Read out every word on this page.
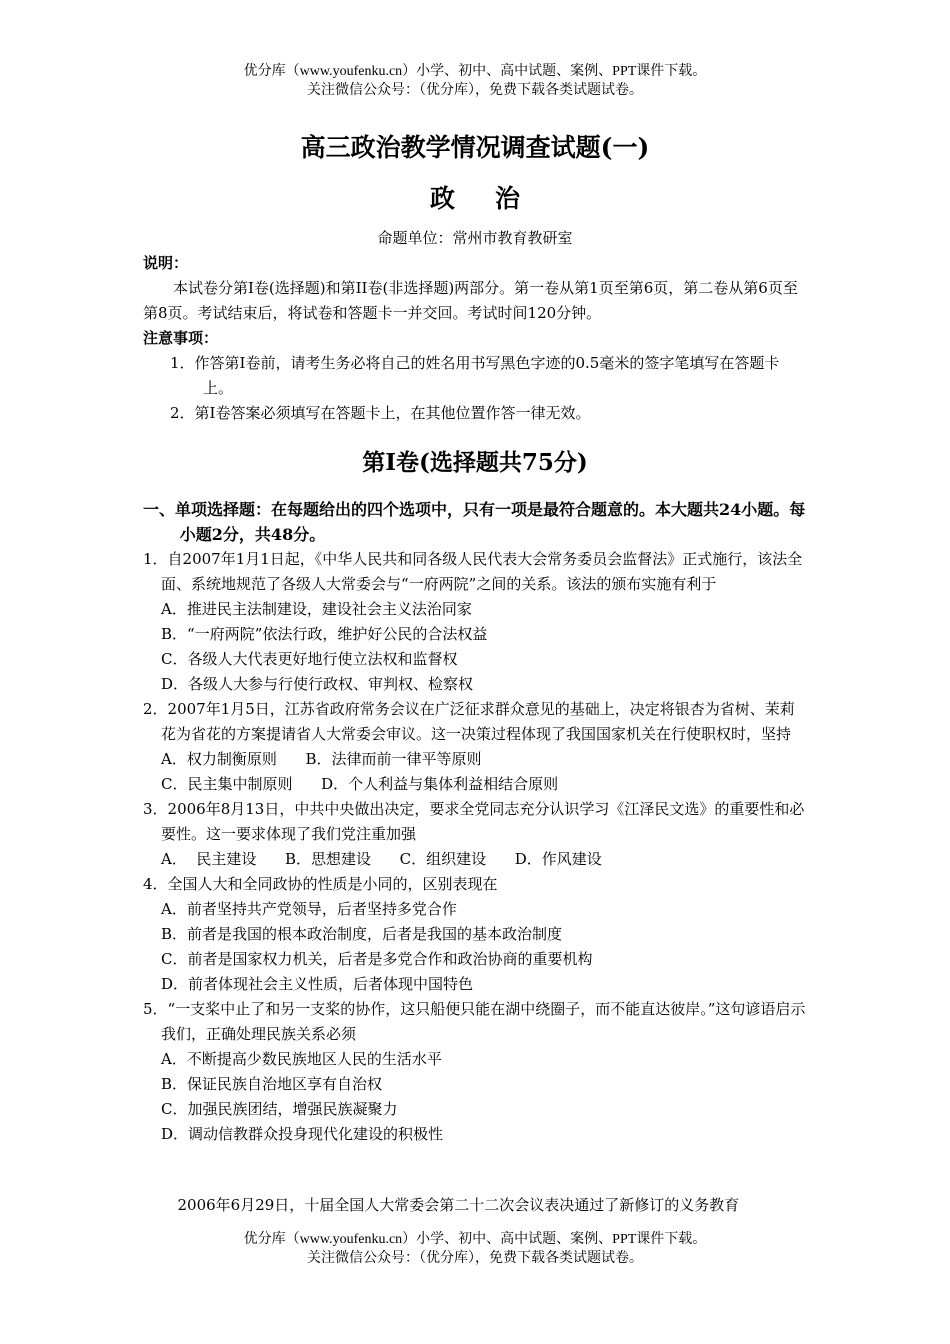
优分库（www.youfenku.cn）小学、初中、高中试题、案例、PPT课件下载。
关注微信公众号：（优分库），免费下载各类试题试卷。
高三政治教学情况调查试题(一)
政治
命题单位：常州市教育教研室
说明：
本试卷分第Ⅰ卷(选择题)和第II卷(非选择题)两部分。第一卷从第1页至第6页，第二卷从第6页至第8页。考试结束后，将试卷和答题卡一并交回。考试时间120分钟。
注意事项：
1．作答第Ⅰ卷前，请考生务必将自己的姓名用书写黑色字迹的0.5毫米的签字笔填写在答题卡上。
2．第Ⅰ卷答案必须填写在答题卡上，在其他位置作答一律无效。
第Ⅰ卷(选择题共75分)
一、单项选择题：在每题给出的四个选项中，只有一项是最符合题意的。本大题共24小题。每小题2分，共48分。
1．自2007年1月1日起，《中华人民共和同各级人民代表大会常务委员会监督法》正式施行，该法全面、系统地规范了各级人大常委会与“一府两院”之间的关系。该法的颁布实施有利于
A．推进民主法制建设，建设社会主义法治同家
B．“一府两院”依法行政，维护好公民的合法权益
C．各级人大代表更好地行使立法权和监督权
D．各级人大参与行使行政权、审判权、检察权
2．2007年1月5日，江苏省政府常务会议在广泛征求群众意见的基础上，决定将银杏为省树、茉莉花为省花的方案提请省人大常委会审议。这一决策过程体现了我国国家机关在行使职权时，坚持
A．权力制衡原则      B．法律而前一律平等原则
C．民主集中制原则      D．个人利益与集体利益相结合原则
3．2006年8月13日，中共中央做出决定，要求全党同志充分认识学习《江泽民文选》的重要性和必要性。这一要求体现了我们党注重加强
A．  民主建设      B．思想建设      C．组织建设      D．作风建设
4．全国人大和全同政协的性质是小同的，区别表现在
A．前者坚持共产党领导，后者坚持多党合作
B．前者是我国的根本政治制度，后者是我国的基本政治制度
C．前者是国家权力机关，后者是多党合作和政治协商的重要机构
D．前者体现社会主义性质，后者体现中国特色
5．“一支桨中止了和另一支桨的协作，这只船便只能在湖中绕圈子，而不能直达彼岸。”这句谚语启示我们，正确处理民族关系必须
A．不断提高少数民族地区人民的生活水平
B．保证民族自治地区享有自治权
C．加强民族团结，增强民族凝聚力
D．调动信教群众投身现代化建设的积极性
2006年6月29日，十届全国人大常委会第二十二次会议表决通过了新修订的义务教育
优分库（www.youfenku.cn）小学、初中、高中试题、案例、PPT课件下载。
关注微信公众号：（优分库），免费下载各类试题试卷。
